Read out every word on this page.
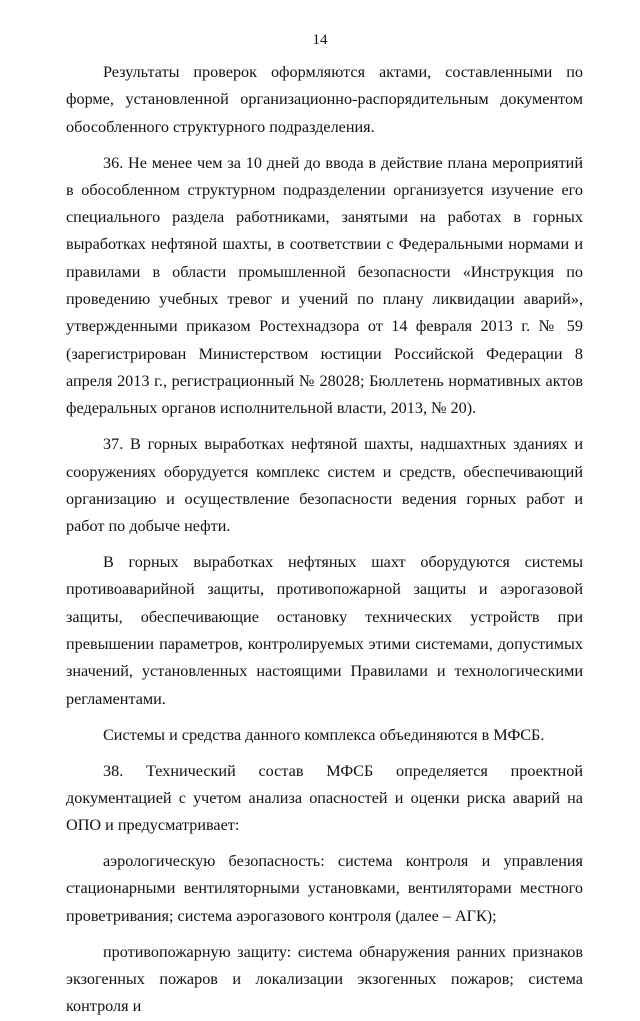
14

Результаты проверок оформляются актами, составленными по форме, установленной организационно-распорядительным документом обособленного структурного подразделения.

36. Не менее чем за 10 дней до ввода в действие плана мероприятий в обособленном структурном подразделении организуется изучение его специального раздела работниками, занятыми на работах в горных выработках нефтяной шахты, в соответствии с Федеральными нормами и правилами в области промышленной безопасности «Инструкция по проведению учебных тревог и учений по плану ликвидации аварий», утвержденными приказом Ростехнадзора от 14 февраля 2013 г. № 59 (зарегистрирован Министерством юстиции Российской Федерации 8 апреля 2013 г., регистрационный № 28028; Бюллетень нормативных актов федеральных органов исполнительной власти, 2013, № 20).

37. В горных выработках нефтяной шахты, надшахтных зданиях и сооружениях оборудуется комплекс систем и средств, обеспечивающий организацию и осуществление безопасности ведения горных работ и работ по добыче нефти.

В горных выработках нефтяных шахт оборудуются системы противоаварийной защиты, противопожарной защиты и аэрогазовой защиты, обеспечивающие остановку технических устройств при превышении параметров, контролируемых этими системами, допустимых значений, установленных настоящими Правилами и технологическими регламентами.

Системы и средства данного комплекса объединяются в МФСБ.

38. Технический состав МФСБ определяется проектной документацией с учетом анализа опасностей и оценки риска аварий на ОПО и предусматривает:

аэрологическую безопасность: система контроля и управления стационарными вентиляторными установками, вентиляторами местного проветривания; система аэрогазового контроля (далее – АГК);

противопожарную защиту: система обнаружения ранних признаков экзогенных пожаров и локализации экзогенных пожаров; система контроля и
